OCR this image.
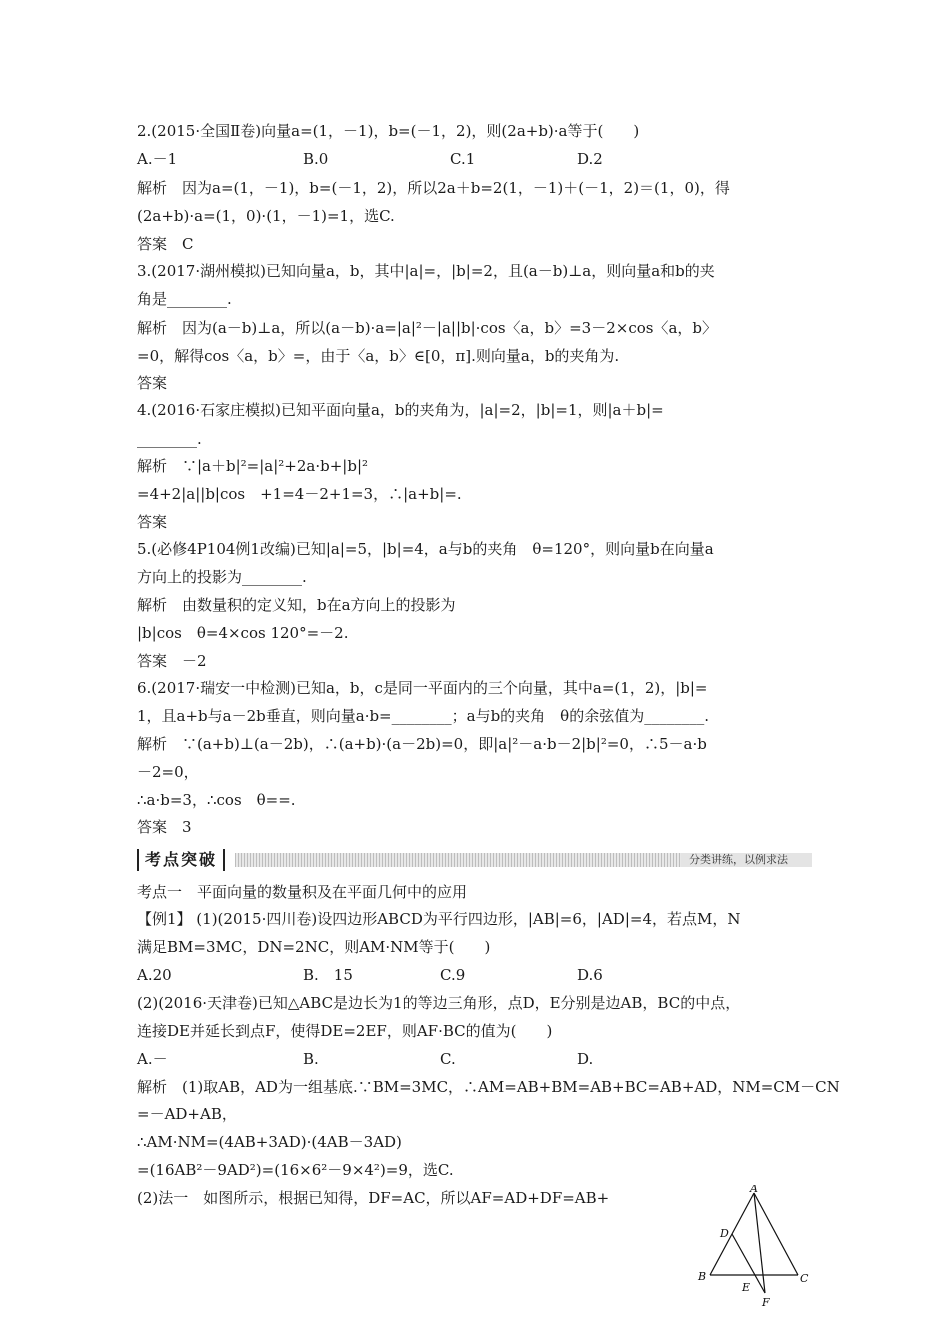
2.(2015·全国Ⅱ卷)向量a=(1，－1)，b=(－1，2)，则(2a+b)·a等于(　　)
A.－1	B.0	C.1	D.2
解析　因为a=(1，－1)，b=(－1，2)，所以2a＋b=2(1，－1)＋(－1，2)＝(1，0)，得
(2a+b)·a=(1，0)·(1，－1)=1，选C.
答案　C
3.(2017·湖州模拟)已知向量a，b，其中|a|=，|b|=2，且(a－b)⊥a，则向量a和b的夹
角是________.
解析　因为(a－b)⊥a，所以(a－b)·a=|a|²－|a||b|·cos〈a，b〉=3－2×cos〈a，b〉
=0，解得cos〈a，b〉=，由于〈a，b〉∈[0，π].则向量a，b的夹角为.
答案
4.(2016·石家庄模拟)已知平面向量a，b的夹角为，|a|=2，|b|=1，则|a＋b|=
________.
解析　∵|a＋b|²=|a|²+2a·b+|b|²
=4+2|a||b|cos　+1=4－2+1=3，∴|a+b|=.
答案
5.(必修4P104例1改编)已知|a|=5，|b|=4，a与b的夹角　θ=120°，则向量b在向量a
方向上的投影为________.
解析　由数量积的定义知，b在a方向上的投影为
|b|cos　θ=4×cos 120°=－2.
答案　－2
6.(2017·瑞安一中检测)已知a，b，c是同一平面内的三个向量，其中a=(1，2)，|b|=
1，且a+b与a－2b垂直，则向量a·b=________；a与b的夹角　θ的余弦值为________.
解析　∵(a+b)⊥(a－2b)，∴(a+b)·(a－2b)=0，即|a|²－a·b－2|b|²=0，∴5－a·b
－2=0，
∴a·b=3，∴cos　θ==.
答案　3
考点突破	分类讲练，以例求法
考点一　平面向量的数量积及在平面几何中的应用
【例1】 (1)(2015·四川卷)设四边形ABCD为平行四边形，|AB|=6，|AD|=4，若点M，N
满足BM=3MC，DN=2NC，则AM·NM等于(　　)
A.20	B.　15	C.9	D.6
(2)(2016·天津卷)已知△ABC是边长为1的等边三角形，点D，E分别是边AB，BC的中点，
连接DE并延长到点F，使得DE=2EF，则AF·BC的值为(　　)
A.－	B.	C.	D.
解析　(1)取AB，AD为一组基底.∵BM=3MC，∴AM=AB+BM=AB+BC=AB+AD，NM=CM－CN
=－AD+AB，
∴AM·NM=(4AB+3AD)·(4AB－3AD)
=(16AB²－9AD²)=(16×6²－9×4²)=9，选C.
(2)法一　如图所示，根据已知得，DF=AC，所以AF=AD+DF=AB+
A
B	C
D
E
F
